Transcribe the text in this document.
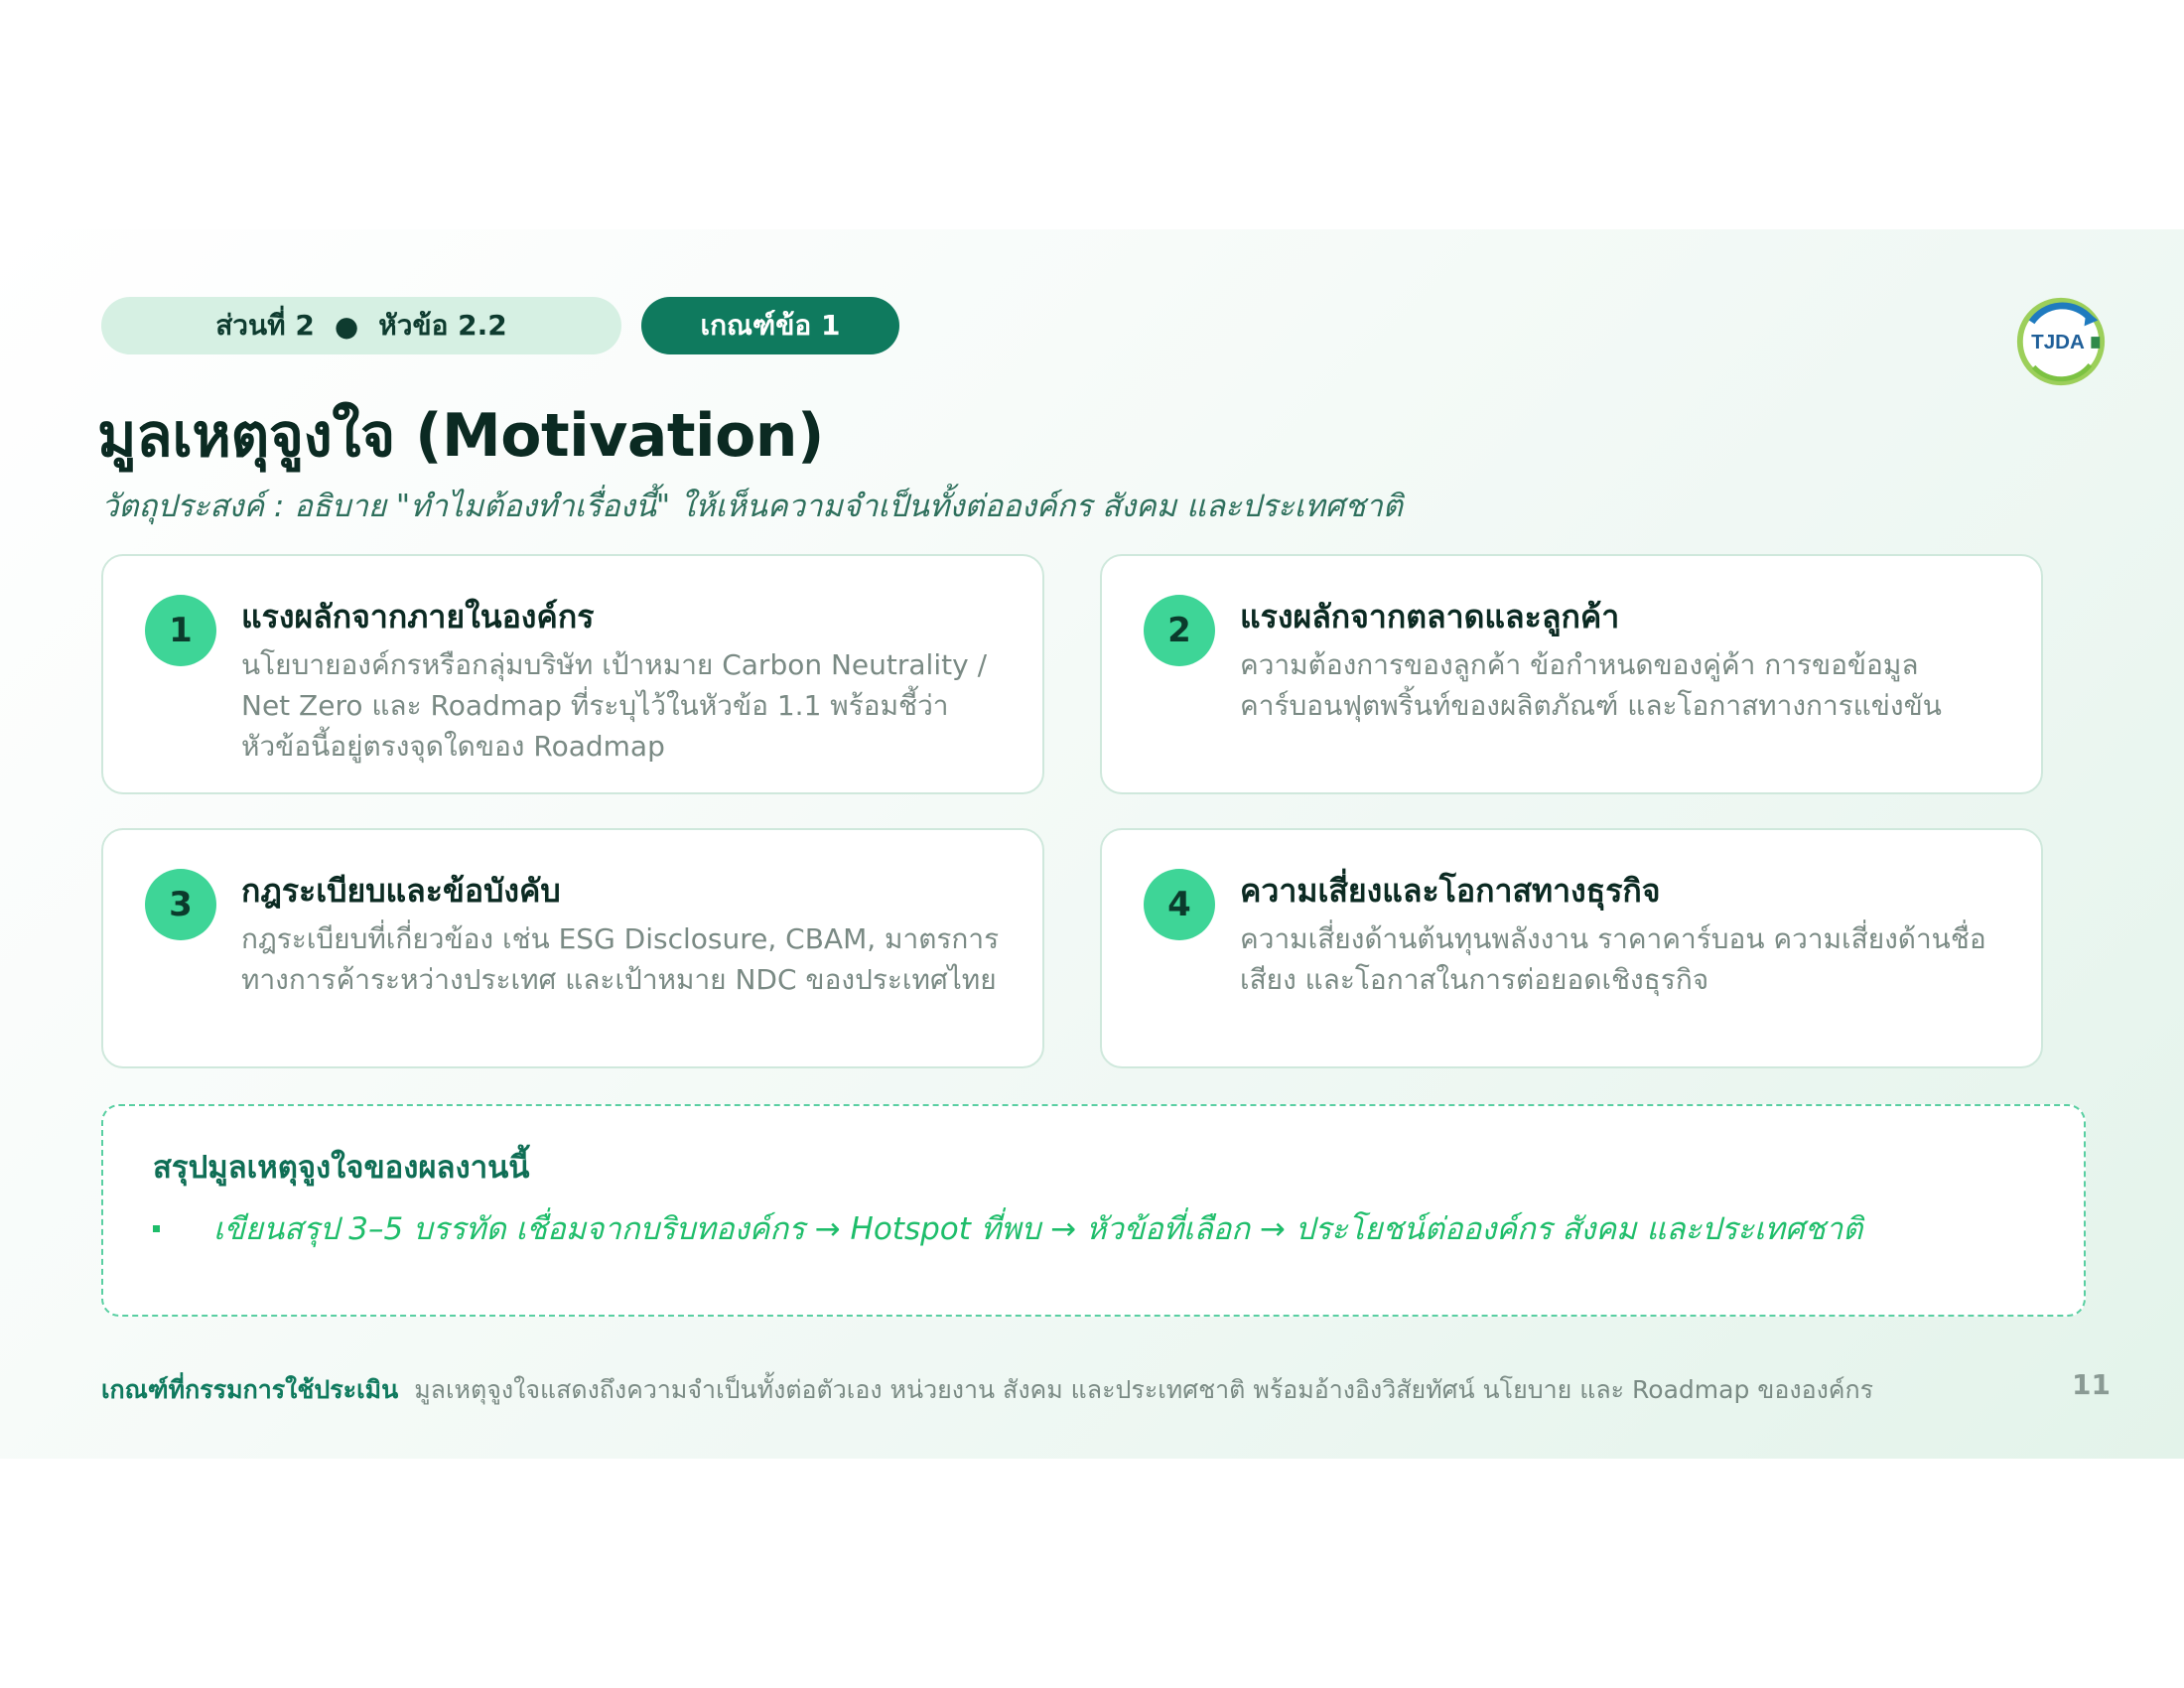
ส่วนที่ 2 ● หัวข้อ 2.2	เกณฑ์ข้อ 1
TJDA
มูลเหตุจูงใจ (Motivation)
วัตถุประสงค์ : อธิบาย "ทำไมต้องทำเรื่องนี้" ให้เห็นความจำเป็นทั้งต่อองค์กร สังคม และประเทศชาติ
1	แรงผลักจากภายในองค์กร
นโยบายองค์กรหรือกลุ่มบริษัท เป้าหมาย Carbon Neutrality / Net Zero และ Roadmap ที่ระบุไว้ในหัวข้อ 1.1 พร้อมชี้ว่าหัวข้อนี้อยู่ตรงจุดใดของ Roadmap
2	แรงผลักจากตลาดและลูกค้า
ความต้องการของลูกค้า ข้อกำหนดของคู่ค้า การขอข้อมูลคาร์บอนฟุตพริ้นท์ของผลิตภัณฑ์ และโอกาสทางการแข่งขัน
3	กฎระเบียบและข้อบังคับ
กฎระเบียบที่เกี่ยวข้อง เช่น ESG Disclosure, CBAM, มาตรการทางการค้าระหว่างประเทศ และเป้าหมาย NDC ของประเทศไทย
4	ความเสี่ยงและโอกาสทางธุรกิจ
ความเสี่ยงด้านต้นทุนพลังงาน ราคาคาร์บอน ความเสี่ยงด้านชื่อเสียง และโอกาสในการต่อยอดเชิงธุรกิจ
สรุปมูลเหตุจูงใจของผลงานนี้
เขียนสรุป 3–5 บรรทัด เชื่อมจากบริบทองค์กร → Hotspot ที่พบ → หัวข้อที่เลือก → ประโยชน์ต่อองค์กร สังคม และประเทศชาติ
เกณฑ์ที่กรรมการใช้ประเมิน มูลเหตุจูงใจแสดงถึงความจำเป็นทั้งต่อตัวเอง หน่วยงาน สังคม และประเทศชาติ พร้อมอ้างอิงวิสัยทัศน์ นโยบาย และ Roadmap ขององค์กร	11
